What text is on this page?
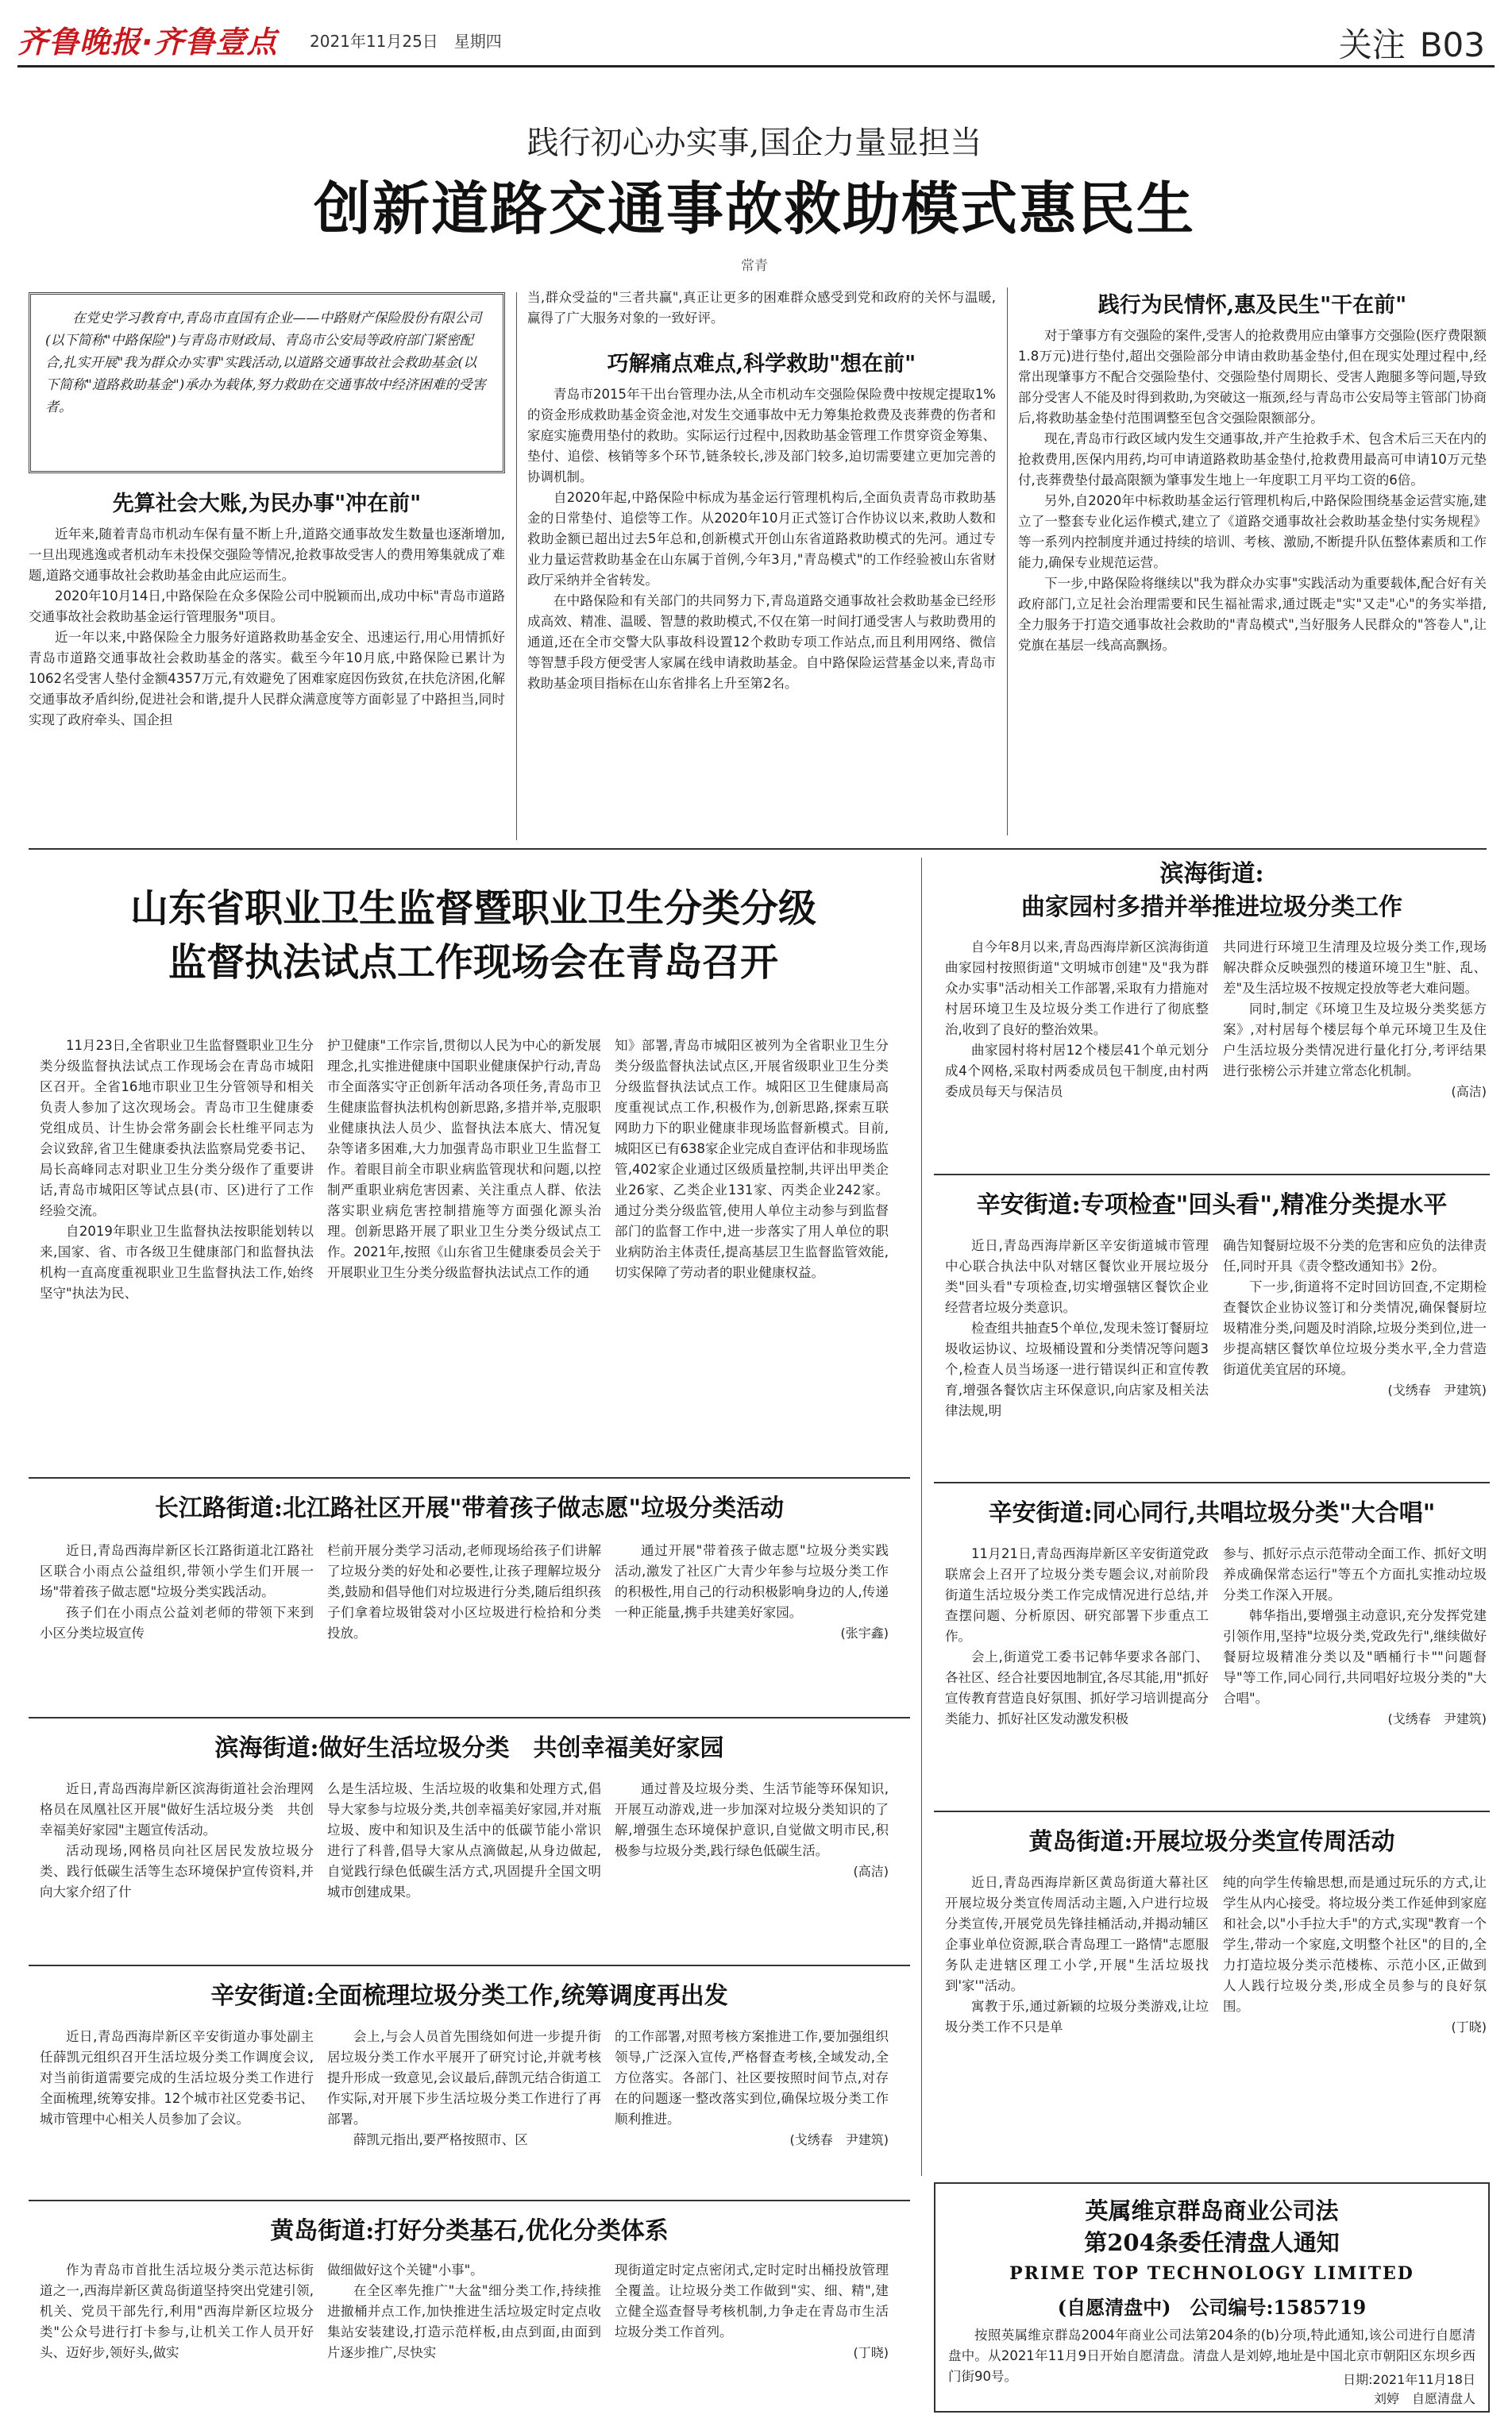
齐鲁晚报·齐鲁壹点 2021年11月25日　星期四	关注 B03
践行初心办实事,国企力量显担当
创新道路交通事故救助模式惠民生
常青
在党史学习教育中,青岛市直国有企业——中路财产保险股份有限公司(以下简称"中路保险")与青岛市财政局、青岛市公安局等政府部门紧密配合,扎实开展"我为群众办实事"实践活动,以道路交通事故社会救助基金(以下简称"道路救助基金")承办为载体,努力救助在交通事故中经济困难的受害者。
先算社会大账,为民办事"冲在前"

近年来,随着青岛市机动车保有量不断上升,道路交通事故发生数量也逐渐增加,一旦出现逃逸或者机动车未投保交强险等情况,抢救事故受害人的费用筹集就成了难题,道路交通事故社会救助基金由此应运而生。

2020年10月14日,中路保险在众多保险公司中脱颖而出,成功中标"青岛市道路交通事故社会救助基金运行管理服务"项目。

近一年以来,中路保险全力服务好道路救助基金安全、迅速运行,用心用情抓好青岛市道路交通事故社会救助基金的落实。截至今年10月底,中路保险已累计为1062名受害人垫付金额4357万元,有效避免了困难家庭因伤致贫,在扶危济困,化解交通事故矛盾纠纷,促进社会和谐,提升人民群众满意度等方面彰显了中路担当,同时实现了政府牵头、国企担

当,群众受益的"三者共赢",真正让更多的困难群众感受到党和政府的关怀与温暖,赢得了广大服务对象的一致好评。

巧解痛点难点,科学救助"想在前"

青岛市2015年干出台管理办法,从全市机动车交强险保险费中按规定提取1%的资金形成救助基金资金池,对发生交通事故中无力筹集抢救费及丧葬费的伤者和家庭实施费用垫付的救助。实际运行过程中,因救助基金管理工作贯穿资金筹集、垫付、追偿、核销等多个环节,链条较长,涉及部门较多,迫切需要建立更加完善的协调机制。

自2020年起,中路保险中标成为基金运行管理机构后,全面负责青岛市救助基金的日常垫付、追偿等工作。从2020年10月正式签订合作协议以来,救助人数和救助金额已超出过去5年总和,创新模式开创山东省道路救助模式的先河。通过专业力量运营救助基金在山东属于首例,今年3月,"青岛模式"的工作经验被山东省财政厅采纳并全省转发。

在中路保险和有关部门的共同努力下,青岛道路交通事故社会救助基金已经形成高效、精准、温暖、智慧的救助模式,不仅在第一时间打通受害人与救助费用的通道,还在全市交警大队事故科设置12个救助专项工作站点,而且利用网络、微信等智慧手段方便受害人家属在线申请救助基金。自中路保险运营基金以来,青岛市救助基金项目指标在山东省排名上升至第2名。

践行为民情怀,惠及民生"干在前"

对于肇事方有交强险的案件,受害人的抢救费用应由肇事方交强险(医疗费限额1.8万元)进行垫付,超出交强险部分申请由救助基金垫付,但在现实处理过程中,经常出现肇事方不配合交强险垫付、交强险垫付周期长、受害人跑腿多等问题,导致部分受害人不能及时得到救助,为突破这一瓶颈,经与青岛市公安局等主管部门协商后,将救助基金垫付范围调整至包含交强险限额部分。

现在,青岛市行政区域内发生交通事故,并产生抢救手术、包含术后三天在内的抢救费用,医保内用药,均可申请道路救助基金垫付,抢救费用最高可申请10万元垫付,丧葬费垫付最高限额为肇事发生地上一年度职工月平均工资的6倍。

另外,自2020年中标救助基金运行管理机构后,中路保险围绕基金运营实施,建立了一整套专业化运作模式,建立了《道路交通事故社会救助基金垫付实务规程》等一系列内控制度并通过持续的培训、考核、激励,不断提升队伍整体素质和工作能力,确保专业规范运营。

下一步,中路保险将继续以"我为群众办实事"实践活动为重要载体,配合好有关政府部门,立足社会治理需要和民生福祉需求,通过既走"实"又走"心"的务实举措,全力服务于打造交通事故社会救助的"青岛模式",当好服务人民群众的"答卷人",让党旗在基层一线高高飘扬。

山东省职业卫生监督暨职业卫生分类分级
监督执法试点工作现场会在青岛召开

11月23日,全省职业卫生监督暨职业卫生分类分级监督执法试点工作现场会在青岛市城阳区召开。全省16地市职业卫生分管领导和相关负责人参加了这次现场会。青岛市卫生健康委党组成员、计生协会常务副会长杜维平同志为会议致辞,省卫生健康委执法监察局党委书记、局长高峰同志对职业卫生分类分级作了重要讲话,青岛市城阳区等试点县(市、区)进行了工作经验交流。

自2019年职业卫生监督执法按职能划转以来,国家、省、市各级卫生健康部门和监督执法机构一直高度重视职业卫生监督执法工作,始终坚守"执法为民、

护卫健康"工作宗旨,贯彻以人民为中心的新发展理念,扎实推进健康中国职业健康保护行动,青岛市全面落实守正创新年活动各项任务,青岛市卫生健康监督执法机构创新思路,多措并举,克服职业健康执法人员少、监督执法本底大、情况复杂等诸多困难,大力加强青岛市职业卫生监督工作。着眼目前全市职业病监管现状和问题,以控制严重职业病危害因素、关注重点人群、依法落实职业病危害控制措施等方面强化源头治理。创新思路开展了职业卫生分类分级试点工作。2021年,按照《山东省卫生健康委员会关于开展职业卫生分类分级监督执法试点工作的通

知》部署,青岛市城阳区被列为全省职业卫生分类分级监督执法试点区,开展省级职业卫生分类分级监督执法试点工作。城阳区卫生健康局高度重视试点工作,积极作为,创新思路,探索互联网助力下的职业健康非现场监督新模式。目前,城阳区已有638家企业完成自查评估和非现场监管,402家企业通过区级质量控制,共评出甲类企业26家、乙类企业131家、丙类企业242家。通过分类分级监管,使用人单位主动参与到监督部门的监督工作中,进一步落实了用人单位的职业病防治主体责任,提高基层卫生监督监管效能,切实保障了劳动者的职业健康权益。

长江路街道:北江路社区开展"带着孩子做志愿"垃圾分类活动

近日,青岛西海岸新区长江路街道北江路社区联合小雨点公益组织,带领小学生们开展一场"带着孩子做志愿"垃圾分类实践活动。

孩子们在小雨点公益刘老师的带领下来到小区分类垃圾宣传

栏前开展分类学习活动,老师现场给孩子们讲解了垃圾分类的好处和必要性,让孩子理解垃圾分类,鼓励和倡导他们对垃圾进行分类,随后组织孩子们拿着垃圾钳袋对小区垃圾进行检拾和分类投放。

通过开展"带着孩子做志愿"垃圾分类实践活动,激发了社区广大青少年参与垃圾分类工作的积极性,用自己的行动积极影响身边的人,传递一种正能量,携手共建美好家园。

(张宇鑫)

滨海街道:做好生活垃圾分类　共创幸福美好家园

近日,青岛西海岸新区滨海街道社会治理网格员在凤凰社区开展"做好生活垃圾分类　共创幸福美好家园"主题宣传活动。

活动现场,网格员向社区居民发放垃圾分类、践行低碳生活等生态环境保护宣传资料,并向大家介绍了什

么是生活垃圾、生活垃圾的收集和处理方式,倡导大家参与垃圾分类,共创幸福美好家园,并对瓶垃圾、废中和知识及生活中的低碳节能小常识进行了科普,倡导大家从点滴做起,从身边做起,自觉践行绿色低碳生活方式,巩固提升全国文明城市创建成果。

通过普及垃圾分类、生活节能等环保知识,开展互动游戏,进一步加深对垃圾分类知识的了解,增强生态环境保护意识,自觉做文明市民,积极参与垃圾分类,践行绿色低碳生活。

(高洁)

辛安街道:全面梳理垃圾分类工作,统筹调度再出发

近日,青岛西海岸新区辛安街道办事处副主任薛凯元组织召开生活垃圾分类工作调度会议,对当前街道需要完成的生活垃圾分类工作进行全面梳理,统筹安排。12个城市社区党委书记、城市管理中心相关人员参加了会议。

会上,与会人员首先围绕如何进一步提升街居垃圾分类工作水平展开了研究讨论,并就考核提升形成一致意见,会议最后,薛凯元结合街道工作实际,对开展下步生活垃圾分类工作进行了再部署。

薛凯元指出,要严格按照市、区

的工作部署,对照考核方案推进工作,要加强组织领导,广泛深入宣传,严格督查考核,全域发动,全方位落实。各部门、社区要按照时间节点,对存在的问题逐一整改落实到位,确保垃圾分类工作顺利推进。

(戈绣春　尹建筑)

黄岛街道:打好分类基石,优化分类体系

作为青岛市首批生活垃圾分类示范达标街道之一,西海岸新区黄岛街道坚持突出党建引领,机关、党员干部先行,利用"西海岸新区垃圾分类"公众号进行打卡参与,让机关工作人员开好头、迈好步,领好头,做实

做细做好这个关键"小事"。

在全区率先推广"大盆"细分类工作,持续推进撤桶并点工作,加快推进生活垃圾定时定点收集站安装建设,打造示范样板,由点到面,由面到片逐步推广,尽快实

现街道定时定点密闭式,定时定时出桶投放管理全覆盖。让垃圾分类工作做到"实、细、精",建立健全巡查督导考核机制,力争走在青岛市生活垃圾分类工作首列。

(丁晓)

滨海街道:
曲家园村多措并举推进垃圾分类工作

自今年8月以来,青岛西海岸新区滨海街道曲家园村按照街道"文明城市创建"及"我为群众办实事"活动相关工作部署,采取有力措施对村居环境卫生及垃圾分类工作进行了彻底整治,收到了良好的整治效果。

曲家园村将村居12个楼层41个单元划分成4个网格,采取村两委成员包干制度,由村两委成员每天与保洁员

共同进行环境卫生清理及垃圾分类工作,现场解决群众反映强烈的楼道环境卫生"脏、乱、差"及生活垃圾不按规定投放等老大难问题。

同时,制定《环境卫生及垃圾分类奖惩方案》,对村居每个楼层每个单元环境卫生及住户生活垃圾分类情况进行量化打分,考评结果进行张榜公示并建立常态化机制。

(高洁)

辛安街道:专项检查"回头看",精准分类提水平

近日,青岛西海岸新区辛安街道城市管理中心联合执法中队对辖区餐饮业开展垃圾分类"回头看"专项检查,切实增强辖区餐饮企业经营者垃圾分类意识。

检查组共抽查5个单位,发现未签订餐厨垃圾收运协议、垃圾桶设置和分类情况等问题3个,检查人员当场逐一进行错误纠正和宣传教育,增强各餐饮店主环保意识,向店家及相关法律法规,明

确告知餐厨垃圾不分类的危害和应负的法律责任,同时开具《责令整改通知书》2份。

下一步,街道将不定时回访回查,不定期检查餐饮企业协议签订和分类情况,确保餐厨垃圾精准分类,问题及时消除,垃圾分类到位,进一步提高辖区餐饮单位垃圾分类水平,全力营造街道优美宜居的环境。

(戈绣春　尹建筑)

辛安街道:同心同行,共唱垃圾分类"大合唱"

11月21日,青岛西海岸新区辛安街道党政联席会上召开了垃圾分类专题会议,对前阶段街道生活垃圾分类工作完成情况进行总结,并查摆问题、分析原因、研究部署下步重点工作。

会上,街道党工委书记韩华要求各部门、各社区、经合社要因地制宜,各尽其能,用"抓好宣传教育营造良好氛围、抓好学习培训提高分类能力、抓好社区发动激发积极

参与、抓好示点示范带动全面工作、抓好文明养成确保常态运行"等五个方面扎实推动垃圾分类工作深入开展。

韩华指出,要增强主动意识,充分发挥党建引领作用,坚持"垃圾分类,党政先行",继续做好餐厨垃圾精准分类以及"晒桶行卡""问题督导"等工作,同心同行,共同唱好垃圾分类的"大合唱"。

(戈绣春　尹建筑)

黄岛街道:开展垃圾分类宣传周活动

近日,青岛西海岸新区黄岛街道大幕社区开展垃圾分类宣传周活动主题,入户进行垃圾分类宣传,开展党员先锋挂桶活动,并揭动辅区企事业单位资源,联合青岛理工一路情"志愿服务队走进辖区理工小学,开展"生活垃圾找到'家'"活动。

寓教于乐,通过新颖的垃圾分类游戏,让垃圾分类工作不只是单

纯的向学生传输思想,而是通过玩乐的方式,让学生从内心接受。将垃圾分类工作延伸到家庭和社会,以"小手拉大手"的方式,实现"教育一个学生,带动一个家庭,文明整个社区"的目的,全力打造垃圾分类示范楼栋、示范小区,正做到人人践行垃圾分类,形成全员参与的良好氛围。

(丁晓)

英属维京群岛商业公司法
第204条委任清盘人通知
PRIME TOP TECHNOLOGY LIMITED
(自愿清盘中)　公司编号:1585719
按照英属维京群岛2004年商业公司法第204条的(b)分项,特此通知,该公司进行自愿清盘中。从2021年11月9日开始自愿清盘。清盘人是刘婷,地址是中国北京市朝阳区东坝乡西门街90号。	日期:2021年11月18日
刘婷　自愿清盘人
